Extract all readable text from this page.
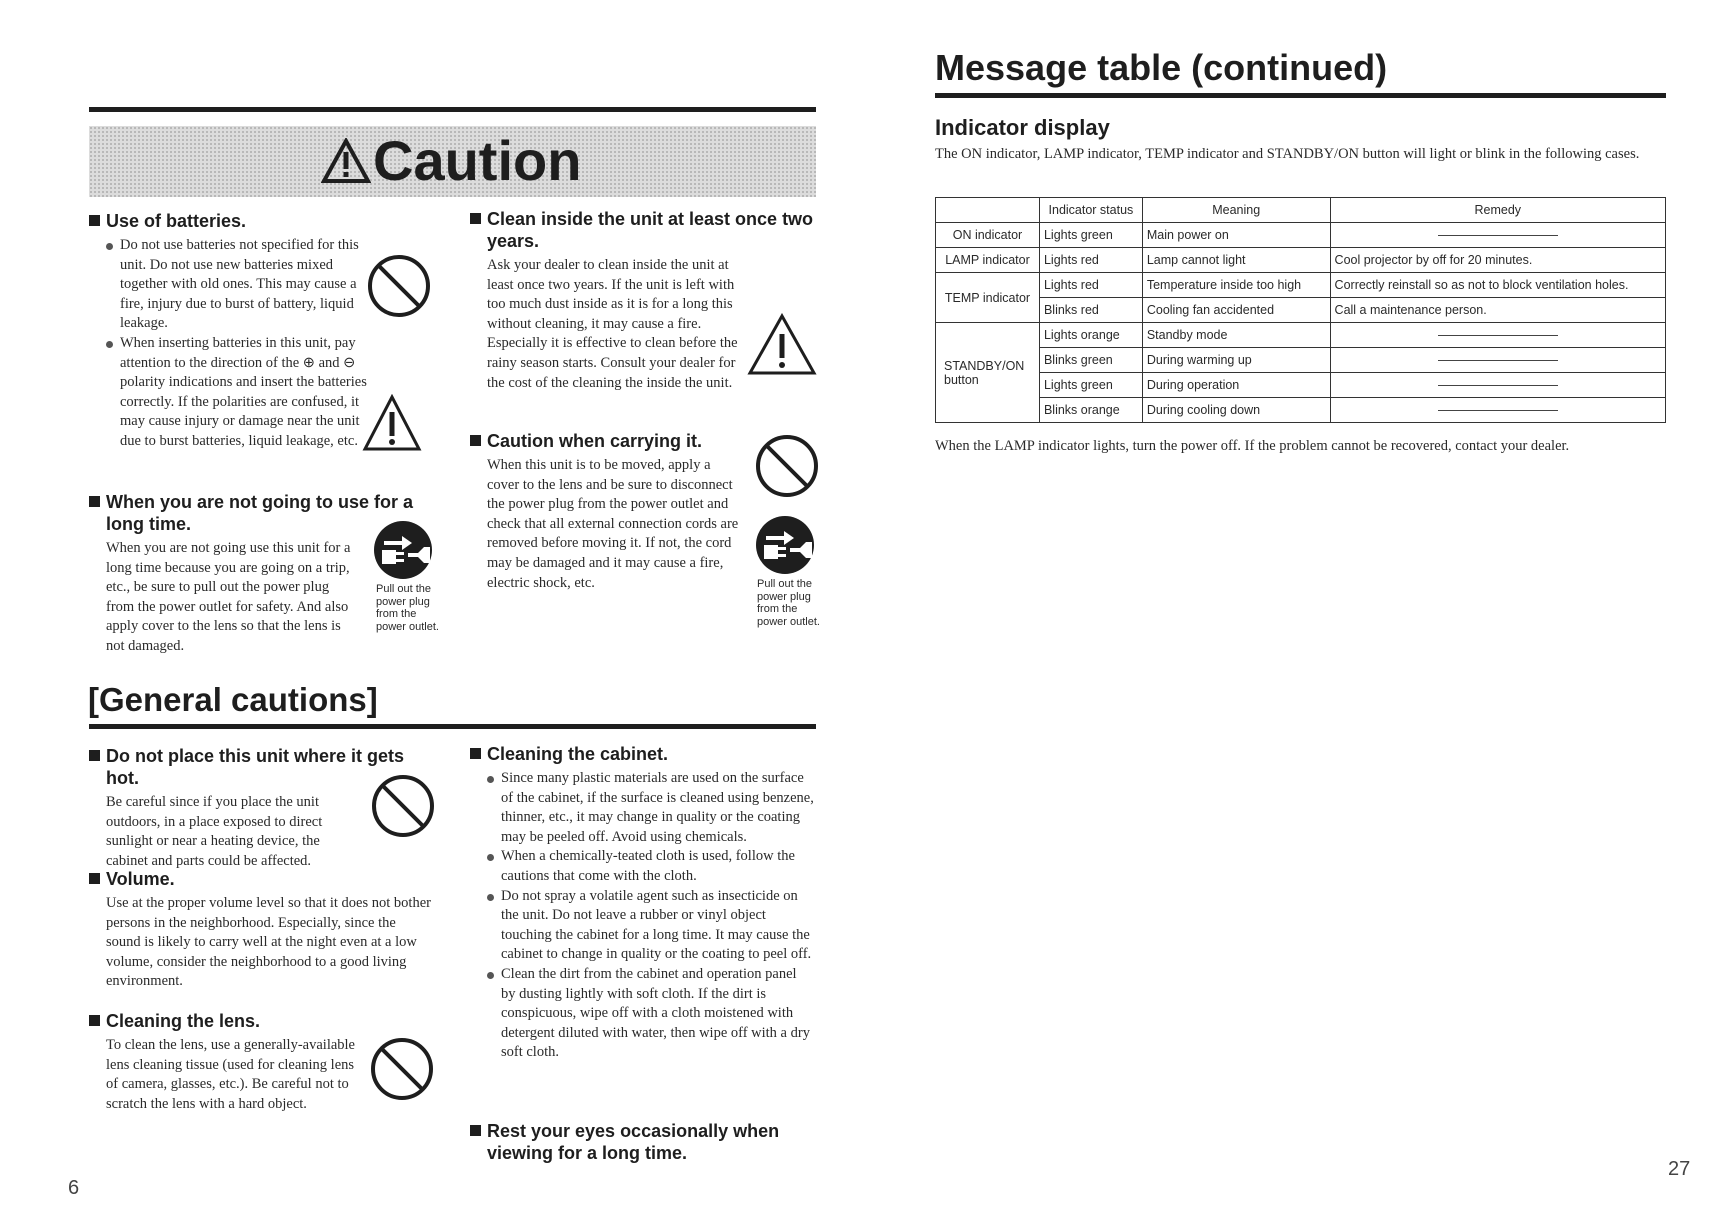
Caution
Use of batteries.
Do not use batteries not specified for this unit. Do not use new batteries mixed together with old ones. This may cause a fire, injury due to burst of battery, liquid leakage.
When inserting batteries in this unit, pay attention to the direction of the ⊕ and ⊖ polarity indications and insert the batteries correctly. If the polarities are confused, it may cause injury or damage near the unit due to burst batteries, liquid leakage, etc.
When you are not going to use for a long time.
When you are not going use this unit for a long time because you are going on a trip, etc., be sure to pull out the power plug from the power outlet for safety. And also apply cover to the lens so that the lens is not damaged.
Pull out the power plug from the power outlet.
Clean inside the unit at least once two years.
Ask your dealer to clean inside the unit at least once two years. If the unit is left with too much dust inside as it is for a long this without cleaning, it may cause a fire. Especially it is effective to clean before the rainy season starts. Consult your dealer for the cost of the cleaning the inside the unit.
Caution when carrying it.
When this unit is to be moved, apply a cover to the lens and be sure to disconnect the power plug from the power outlet and check that all external connection cords are removed before moving it. If not, the cord may be damaged and it may cause a fire, electric shock, etc.	Pull out the power plug from the power outlet.
[General cautions]
Do not place this unit where it gets hot.
Be careful since if you place the unit outdoors, in a place exposed to direct sunlight or near a heating device, the cabinet and parts could be affected.
Volume.
Use at the proper volume level so that it does not bother persons in the neighborhood. Especially, since the sound is likely to carry well at the night even at a low volume, consider the neighborhood to a good living environment.
Cleaning the lens.
To clean the lens, use a generally-available lens cleaning tissue (used for cleaning lens of camera, glasses, etc.). Be careful not to scratch the lens with a hard object.
Cleaning the cabinet.
Since many plastic materials are used on the surface of the cabinet, if the surface is cleaned using benzene, thinner, etc., it may change in quality or the coating may be peeled off. Avoid using chemicals.
When a chemically-teated cloth is used, follow the cautions that come with the cloth.
Do not spray a volatile agent such as insecticide on the unit. Do not leave a rubber or vinyl object touching the cabinet for a long time. It may cause the cabinet to change in quality or the coating to peel off.
Clean the dirt from the cabinet and operation panel by dusting lightly with soft cloth. If the dirt is conspicuous, wipe off with a cloth moistened with detergent diluted with water, then wipe off with a dry soft cloth.
Rest your eyes occasionally when viewing for a long time.
6
Message table (continued)
Indicator display

The ON indicator, LAMP indicator, TEMP indicator and STANDBY/ON button will light or blink in the following cases.

	Indicator status	Meaning	Remedy
ON indicator	Lights green	Main power on	
LAMP indicator	Lights red	Lamp cannot light	Cool projector by off for 20 minutes.
TEMP indicator	Lights red	Temperature inside too high	Correctly reinstall so as not to block ventilation holes.
	Blinks red	Cooling fan accidented	Call a maintenance person.
STANDBY/ON button	Lights orange	Standby mode	
	Blinks green	During warming up	
	Lights green	During operation	
	Blinks orange	During cooling down	

When the LAMP indicator lights, turn the power off. If the problem cannot be recovered, contact your dealer.

27
